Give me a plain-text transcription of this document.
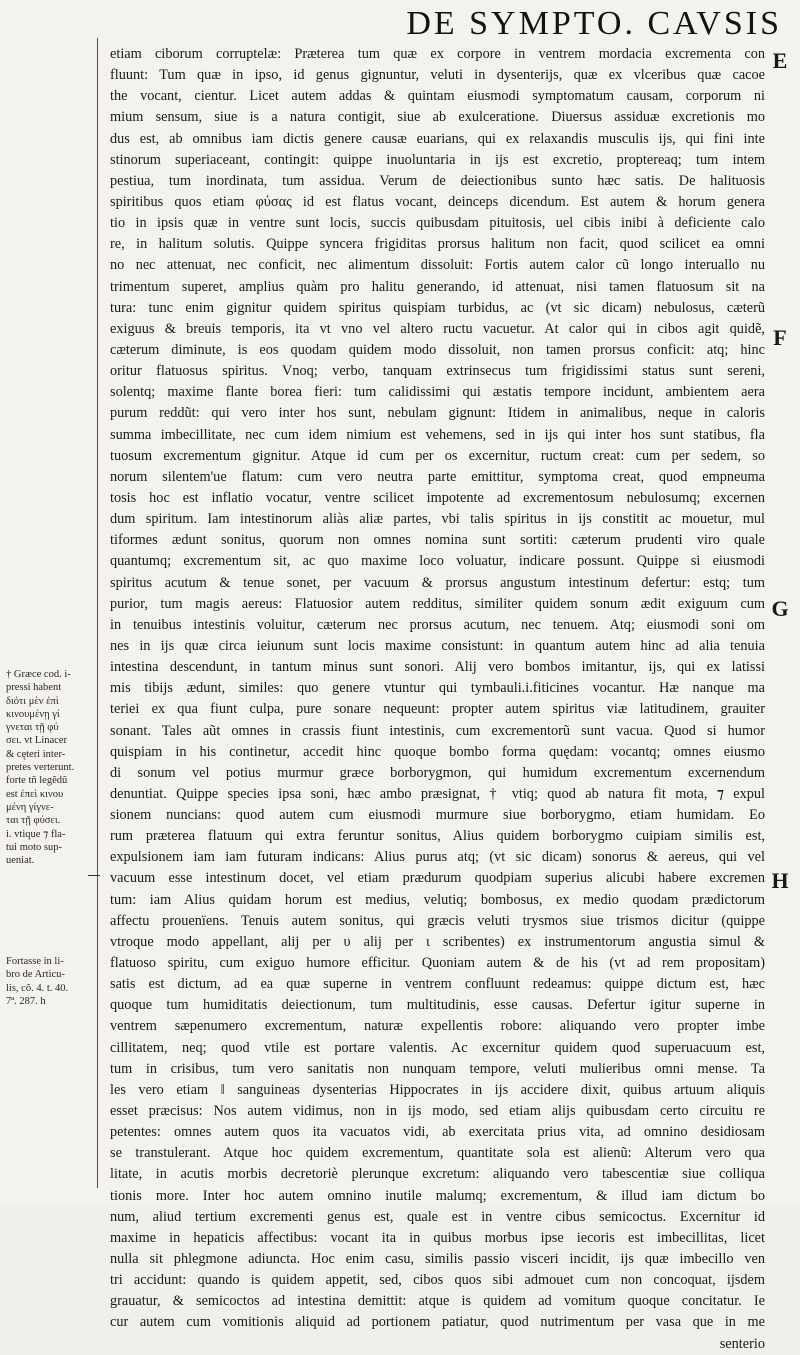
DE SYMPTO. CAVSIS
etiam ciborum corruptelæ: Præterea tum quæ ex corpore in ventrem mordacia excrementa con
fluunt: Tum quæ in ipso, id genus gignuntur, veluti in dysenterijs, quæ ex vlceribus quæ cacoe
the vocant, cientur. Licet autem addas & quintam eiusmodi symptomatum causam, corporum ni
mium sensum, siue is a natura contigit, siue ab exulceratione. Diuersus assiduæ excretionis mo
dus est, ab omnibus iam dictis genere causæ euarians, qui ex relaxandis musculis ijs, qui fini inte
stinorum superiaceant, contingit: quippe inuoluntaria in ijs est excretio, proptereaq; tum intem
pestiua, tum inordinata, tum assidua. Verum de deiectionibus sunto hæc satis. De halituosis
spiritibus quos etiam φύσας id est flatus vocant, deinceps dicendum. Est autem & horum genera
tio in ipsis quæ in ventre sunt locis, succis quibusdam pituitosis, uel cibis inibi à deficiente calo
re, in halitum solutis. Quippe syncera frigiditas prorsus halitum non facit, quod scilicet ea omni
no nec attenuat, nec conficit, nec alimentum dissoluit: Fortis autem calor cũ longo interuallo nu
trimentum superet, amplius quàm pro halitu generando, id attenuat, nisi tamen flatuosum sit na
tura: tunc enim gignitur quidem spiritus quispiam turbidus, ac (vt sic dicam) nebulosus, cæterũ
exiguus & breuis temporis, ita vt vno vel altero ructu vacuetur. At calor qui in cibos agit quidẽ,
cæterum diminute, is eos quodam quidem modo dissoluit, non tamen prorsus conficit: atq; hinc
oritur flatuosus spiritus. Vnoq; verbo, tanquam extrinsecus tum frigidissimi status sunt sereni,
solentq; maxime flante borea fieri: tum calidissimi qui æstatis tempore incidunt, ambientem aera
purum reddũt: qui vero inter hos sunt, nebulam gignunt: Itidem in animalibus, neque in caloris
summa imbecillitate, nec cum idem nimium est vehemens, sed in ijs qui inter hos sunt statibus, fla
tuosum excrementum gignitur. Atque id cum per os excernitur, ructum creat: cum per sedem, so
norum silentem'ue flatum: cum vero neutra parte emittitur, symptoma creat, quod empneuma
tosis hoc est inflatio vocatur, ventre scilicet impotente ad excrementosum nebulosumq; excernen
dum spiritum. Iam intestinorum aliàs aliæ partes, vbi talis spiritus in ijs constitit ac mouetur, mul
tiformes ædunt sonitus, quorum non omnes nomina sunt sortiti: cæterum prudenti viro quale
quantumq; excrementum sit, ac quo maxime loco voluatur, indicare possunt. Quippe si eiusmodi
spiritus acutum & tenue sonet, per vacuum & prorsus angustum intestinum defertur: estq; tum
purior, tum magis aereus: Flatuosior autem redditus, similiter quidem sonum ædit exiguum cum
in tenuibus intestinis voluitur, cæterum nec prorsus acutum, nec tenuem. Atq; eiusmodi soni om
nes in ijs quæ circa ieiunum sunt locis maxime consistunt: in quantum autem hinc ad alia tenuia
intestina descendunt, in tantum minus sunt sonori. Alij vero bombos imitantur, ijs, qui ex latissi
mis tibijs ædunt, similes: quo genere vtuntur qui tymbauli.i.fiticines vocantur. Hæ nanque ma
teriei ex qua fiunt culpa, pure sonare nequeunt: propter autem spiritus viæ latitudinem, grauiter
sonant. Tales aũt omnes in crassis fiunt intestinis, cum excrementorũ sunt vacua. Quod si humor
quispiam in his continetur, accedit hinc quoque bombo forma quędam: vocantq; omnes eiusmo
di sonum vel potius murmur græce borborygmon, qui humidum excrementum excernendum
denuntiat. Quippe species ipsa soni, hæc ambo præsignat, † vtiq; quod ab natura fit mota, ⁊ expul
sionem nuncians: quod autem cum eiusmodi murmure siue borborygmo, etiam humidam. Eo
rum præterea flatuum qui extra feruntur sonitus, Alius quidem borborygmo cuipiam similis est,
expulsionem iam iam futuram indicans: Alius purus atq; (vt sic dicam) sonorus & aereus, qui vel
vacuum esse intestinum docet, vel etiam prædurum quodpiam superius alicubi habere excremen
tum: iam Alius quidam horum est medius, velutiq; bombosus, ex medio quodam prædictorum
affectu prouenïens. Tenuis autem sonitus, qui græcis veluti trysmos siue trismos dicitur (quippe
vtroque modo appellant, alij per υ alij per ι scribentes) ex instrumentorum angustia simul &
flatuoso spiritu, cum exiguo humore efficitur. Quoniam autem & de his (vt ad rem propositam)
satis est dictum, ad ea quæ superne in ventrem confluunt redeamus: quippe dictum est, hæc
quoque tum humiditatis deiectionum, tum multitudinis, esse causas. Defertur igitur superne in
ventrem sæpenumero excrementum, naturæ expellentis robore: aliquando vero propter imbe
cillitatem, neq; quod vtile est portare valentis. Ac excernitur quidem quod superuacuum est,
tum in crisibus, tum vero sanitatis non nunquam tempore, veluti mulieribus omni mense. Ta
les vero etiam ‖ sanguineas dysenterias Hippocrates in ijs accidere dixit, quibus artuum aliquis
esset præcisus: Nos autem vidimus, non in ijs modo, sed etiam alijs quibusdam certo circuitu re
petentes: omnes autem quos ita vacuatos vidi, ab exercitata prius vita, ad omnino desidiosam
se transtulerant. Atque hoc quidem excrementum, quantitate sola est alienũ: Alterum vero qua
litate, in acutis morbis decretoriè plerunque excretum: aliquando vero tabescentiæ siue colliqua
tionis more. Inter hoc autem omnino inutile malumq; excrementum, & illud iam dictum bo
num, aliud tertium excrementi genus est, quale est in ventre cibus semicoctus. Excernitur id
maxime in hepaticis affectibus: vocant ita in quibus morbus ipse iecoris est imbecillitas, licet
nulla sit phlegmone adiuncta. Hoc enim casu, similis passio visceri incidit, ijs quæ imbecillo ven
tri accidunt: quando is quidem appetit, sed, cibos quos sibi admouet cum non concoquat, ijsdem
grauatur, & semicoctos ad intestina demittit: atque is quidem ad vomitum quoque concitatur. Ie
cur autem cum vomitionis aliquid ad portionem patiatur, quod nutrimentum per vasa que in me
senterio
E
F
G
H
† Græce cod. i-
pressi habent
διότι μὲν ἐπὶ
κινουμένῃ γί
γνεται τῇ φύ
σει. vt Linacer
& cęteri inter-
pretes verterunt.
forte tñ legẽdũ
est ἐπεὶ κινου
μένη γίγνε-
ται τῇ φύσει.
i. vtique ⁊ fla-
tui moto sup-
ueniat.
Fortasse in li-
bro de Articu-
lis, cõ. 4. t. 40.
7ª. 287. h
